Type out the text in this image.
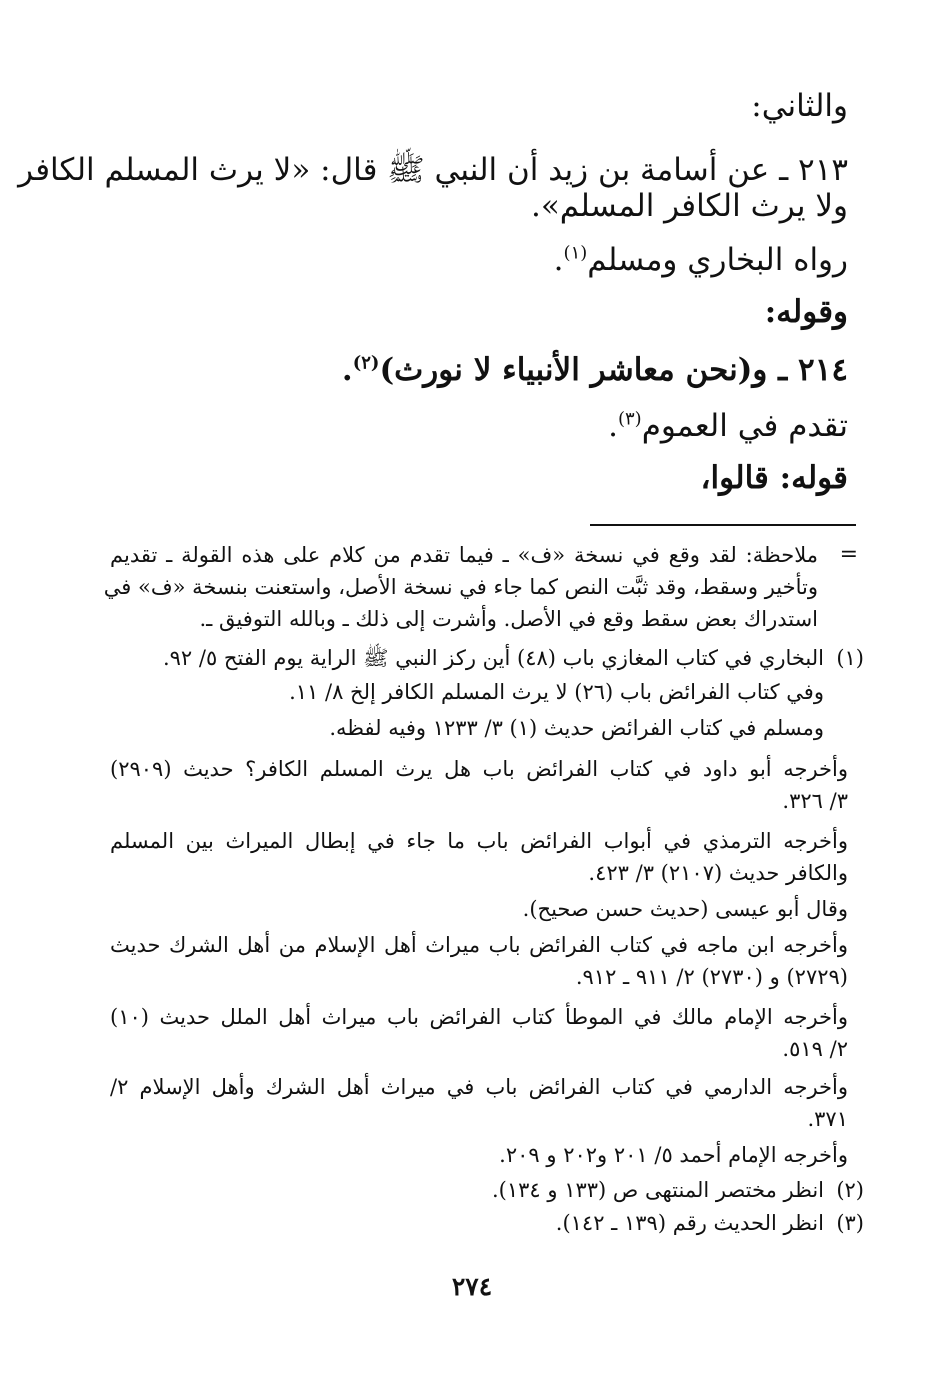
والثاني:
٢١٣ ـ عن أسامة بن زيد أن النبي ﷺ قال: «لا يرث المسلم الكافر
ولا يرث الكافر المسلم».
رواه البخاري ومسلم$^{(١)}$.
وقوله:
٢١٤ ـ و(نحن معاشر الأنبياء لا نورث)$^{(٢)}$.
تقدم في العموم$^{(٣)}$.
قوله: قالوا،
=
ملاحظة: لقد وقع في نسخة «ف» ـ فيما تقدم من كلام على هذه القولة ـ تقديم
وتأخير وسقط، وقد ثبَّت النص كما جاء في نسخة الأصل، واستعنت بنسخة «ف» في
استدراك بعض سقط وقع في الأصل. وأشرت إلى ذلك ـ وبالله التوفيق ـ.
(١)
البخاري في كتاب المغازي باب (٤٨) أين ركز النبي ﷺ الراية يوم الفتح ٥/ ٩٢.
وفي كتاب الفرائض باب (٢٦) لا يرث المسلم الكافر إلخ ٨/ ١١.
ومسلم في كتاب الفرائض حديث (١) ٣/ ١٢٣٣ وفيه لفظه.
وأخرجه أبو داود في كتاب الفرائض باب هل يرث المسلم الكافر؟ حديث (٢٩٠٩)
٣/ ٣٢٦.
وأخرجه الترمذي في أبواب الفرائض باب ما جاء في إبطال الميراث بين المسلم
والكافر حديث (٢١٠٧) ٣/ ٤٢٣.
وقال أبو عيسى (حديث حسن صحيح).
وأخرجه ابن ماجه في كتاب الفرائض باب ميراث أهل الإسلام من أهل الشرك حديث
(٢٧٢٩) و (٢٧٣٠) ٢/ ٩١١ ـ ٩١٢.
وأخرجه الإمام مالك في الموطأ كتاب الفرائض باب ميراث أهل الملل حديث (١٠)
٢/ ٥١٩.
وأخرجه الدارمي في كتاب الفرائض باب في ميراث أهل الشرك وأهل الإسلام ٢/
٣٧١.
وأخرجه الإمام أحمد ٥/ ٢٠١ و٢٠٢ و ٢٠٩.
(٢)
انظر مختصر المنتهى ص (١٣٣ و ١٣٤).
(٣)
انظر الحديث رقم (١٣٩ ـ ١٤٢).
٢٧٤
